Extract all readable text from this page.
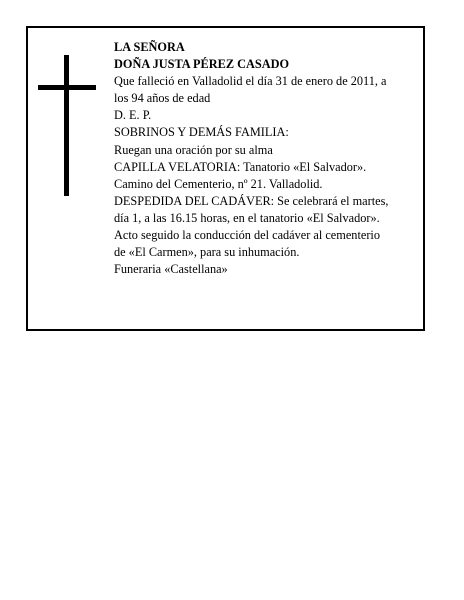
LA SEÑORA

DOÑA JUSTA PÉREZ CASADO

Que falleció en Valladolid el día 31 de enero de 2011, a

los 94 años de edad

D. E. P.

SOBRINOS Y DEMÁS FAMILIA:

Ruegan una oración por su alma

CAPILLA VELATORIA: Tanatorio «El Salvador».

Camino del Cementerio, nº 21. Valladolid.

DESPEDIDA DEL CADÁVER: Se celebrará el martes,

día 1, a las 16.15 horas, en el tanatorio «El Salvador».

Acto seguido la conducción del cadáver al cementerio

de «El Carmen», para su inhumación.

Funeraria «Castellana»
